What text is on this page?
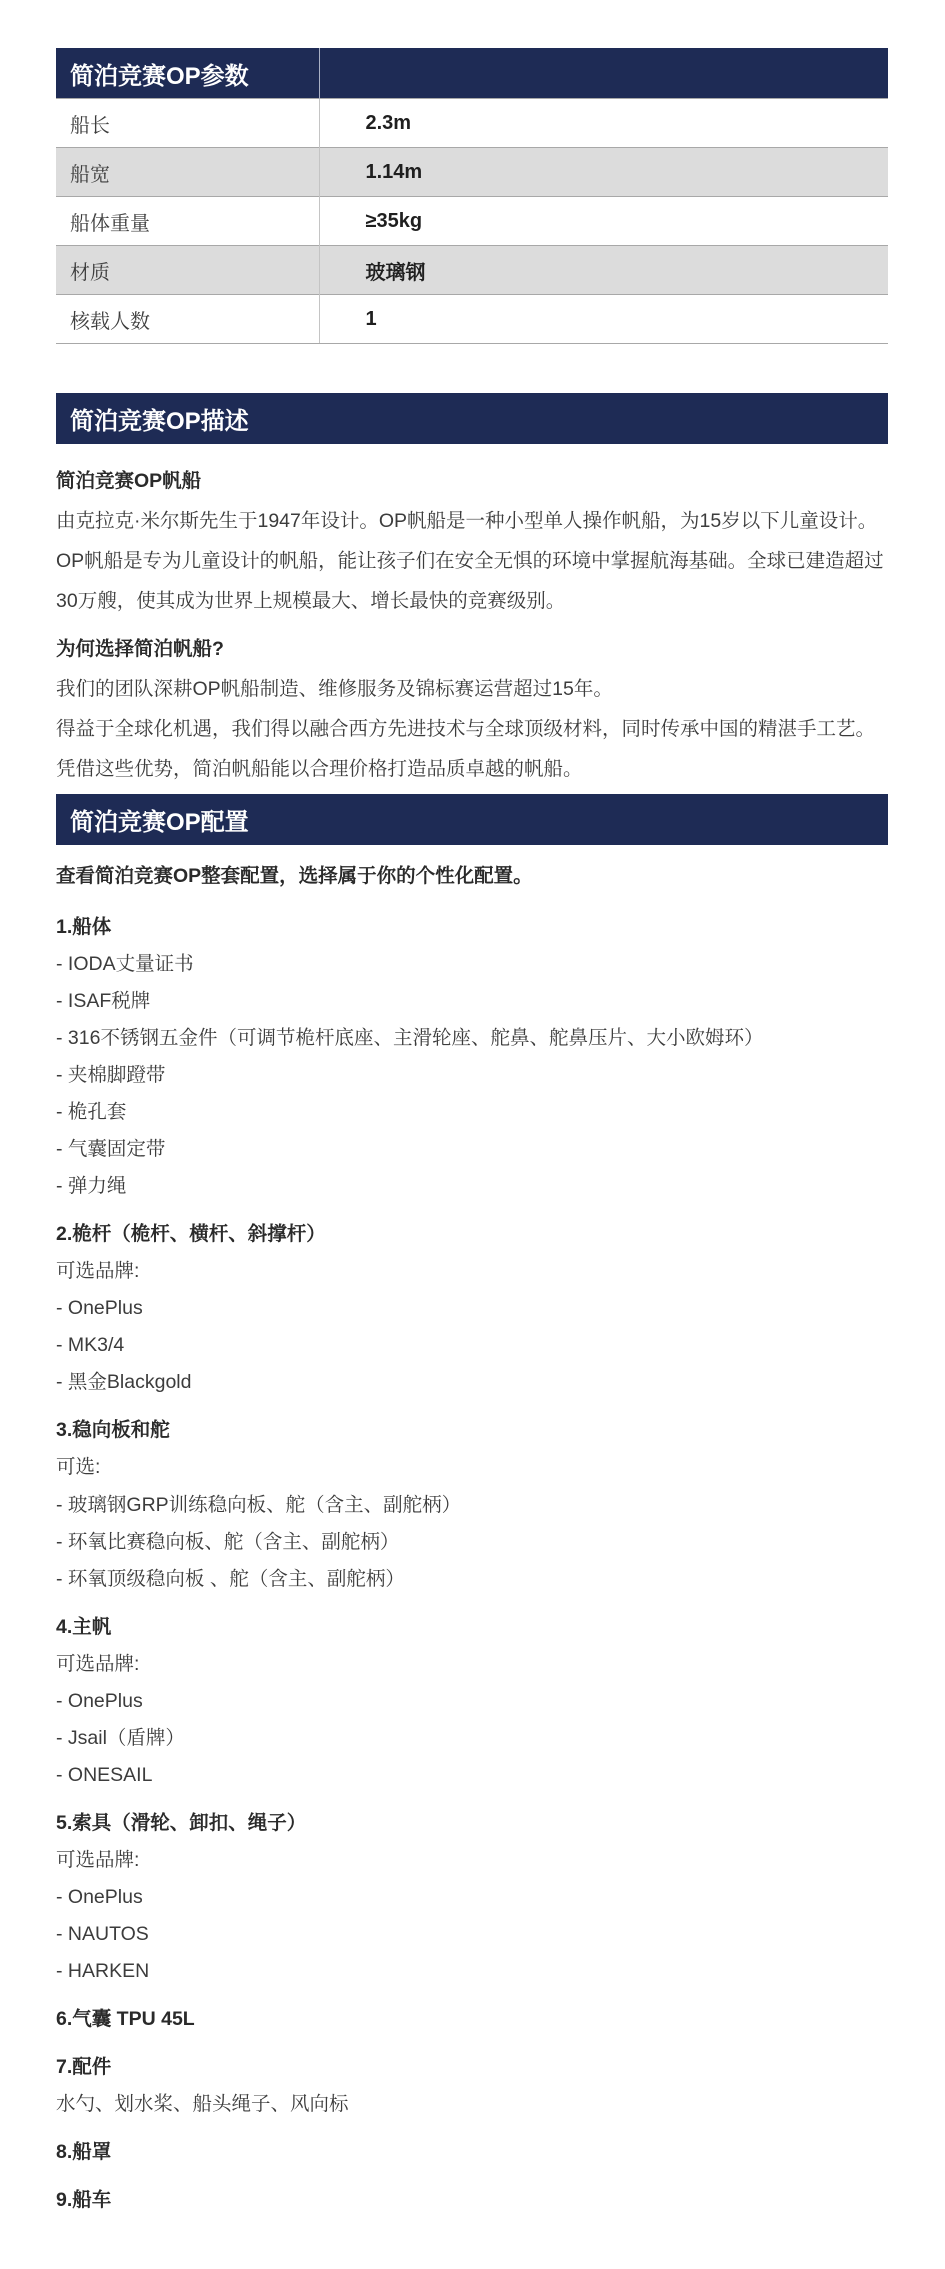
简泊竞赛OP参数	
船长	2.3m
船宽	1.14m
船体重量	≥35kg
材质	玻璃钢
核载人数	1
简泊竞赛OP描述

简泊竞赛OP帆船

由克拉克·米尔斯先生于1947年设计。OP帆船是一种小型单人操作帆船，为15岁以下儿童设计。

OP帆船是专为儿童设计的帆船，能让孩子们在安全无惧的环境中掌握航海基础。全球已建造超过30万艘，使其成为世界上规模最大、增长最快的竞赛级别。

为何选择简泊帆船?

我们的团队深耕OP帆船制造、维修服务及锦标赛运营超过15年。

得益于全球化机遇，我们得以融合西方先进技术与全球顶级材料，同时传承中国的精湛手工艺。

凭借这些优势，简泊帆船能以合理价格打造品质卓越的帆船。

简泊竞赛OP配置

查看简泊竞赛OP整套配置，选择属于你的个性化配置。

1.船体

- IODA丈量证书

- ISAF税牌

- 316不锈钢五金件（可调节桅杆底座、主滑轮座、舵鼻、舵鼻压片、大小欧姆环）

- 夹棉脚蹬带

- 桅孔套

- 气囊固定带

- 弹力绳

2.桅杆（桅杆、横杆、斜撑杆）

可选品牌:

- OnePlus

- MK3/4

- 黑金Blackgold

3.稳向板和舵

可选:

- 玻璃钢GRP训练稳向板、舵（含主、副舵柄）

- 环氧比赛稳向板、舵（含主、副舵柄）

- 环氧顶级稳向板 、舵（含主、副舵柄）

4.主帆

可选品牌:

- OnePlus

- Jsail（盾牌）

- ONESAIL

5.索具（滑轮、卸扣、绳子）

可选品牌:

- OnePlus

- NAUTOS

- HARKEN

6.气囊 TPU 45L

7.配件

水勺、划水桨、船头绳子、风向标

8.船罩

9.船车
